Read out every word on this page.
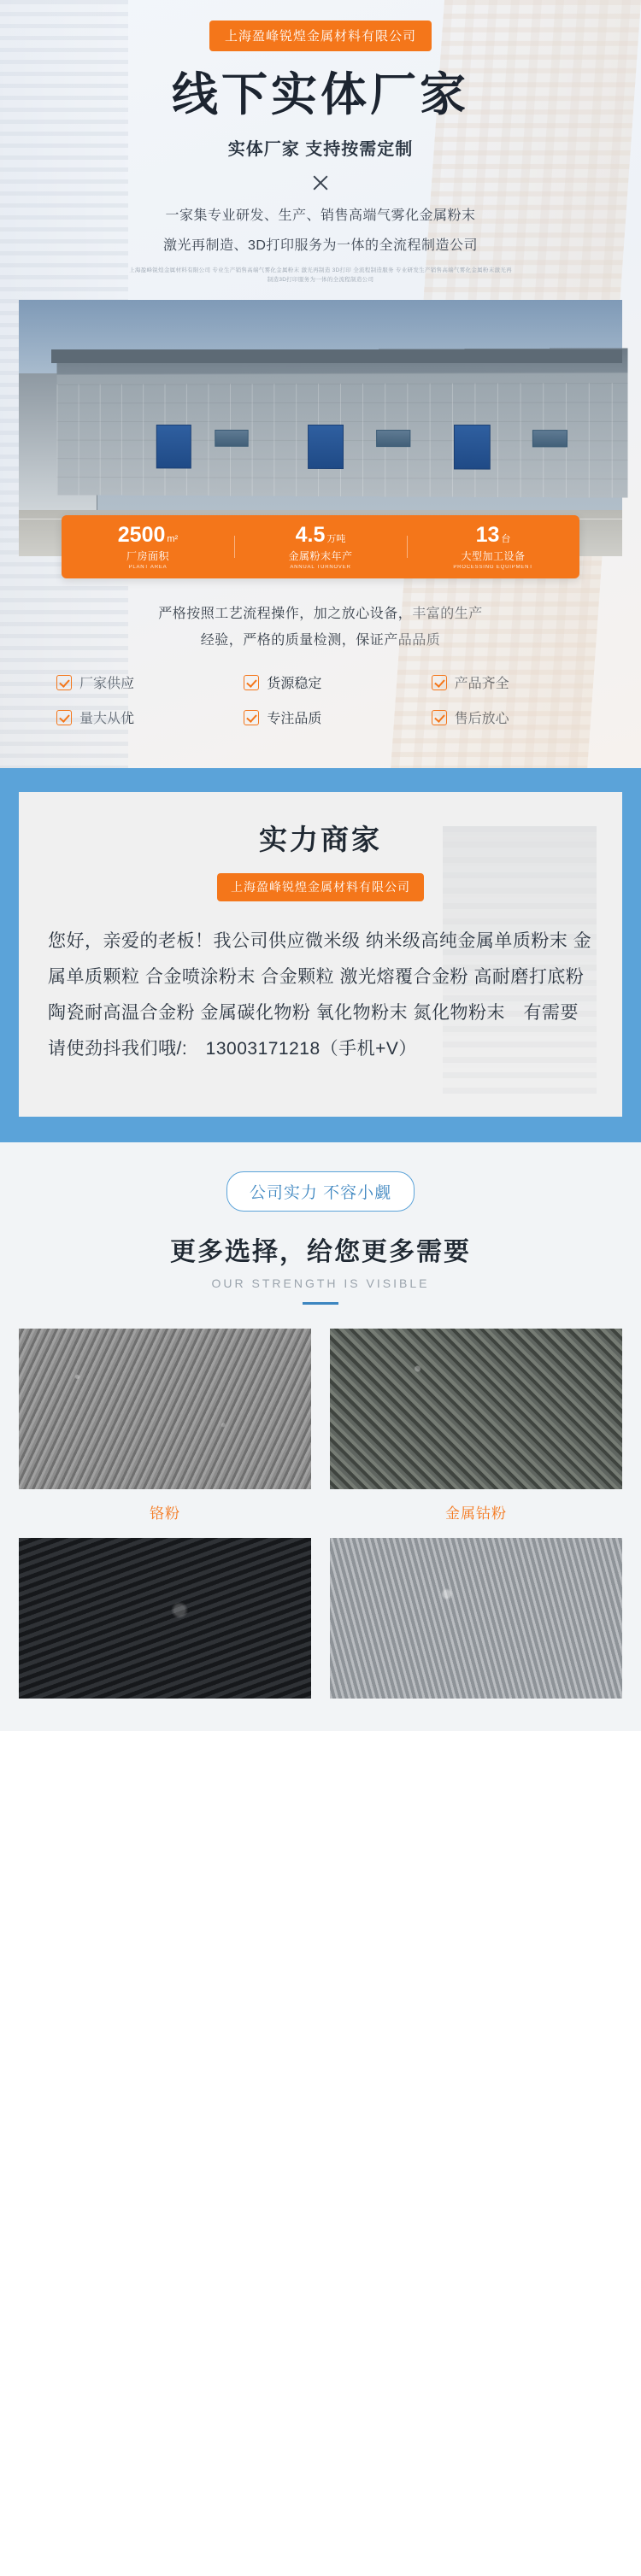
上海盈峰锐煌金属材料有限公司
线下实体厂家
实体厂家 支持按需定制
一家集专业研发、生产、销售高端气雾化金属粉末
激光再制造、3D打印服务为一体的全流程制造公司
上海盈峰锐煌金属材料有限公司 专业生产销售高端气雾化金属粉末 激光再制造 3D打印 全流程制造服务 专业研发生产销售高端气雾化金属粉末激光再制造3D打印服务为一体的全流程制造公司
2500 m²
厂房面积
PLANT AREA
4.5 万吨
金属粉末年产
ANNUAL TURNOVER
13 台
大型加工设备
PROCESSING EQUIPMENT
严格按照工艺流程操作，加之放心设备，丰富的生产
经验，严格的质量检测，保证产品品质
厂家供应	货源稳定	产品齐全
量大从优	专注品质	售后放心
实力商家
上海盈峰锐煌金属材料有限公司

您好，亲爱的老板！我公司供应微米级 纳米级高纯金属单质粉末 金属单质颗粒 合金喷涂粉末 合金颗粒 激光熔覆合金粉 高耐磨打底粉 陶瓷耐高温合金粉 金属碳化物粉 氧化物粉末 氮化物粉末　有需要请使劲抖我们哦/:　13003171218（手机+V）

公司实力 不容小觑
更多选择，给您更多需要
OUR STRENGTH IS VISIBLE
铬粉	金属钴粉
